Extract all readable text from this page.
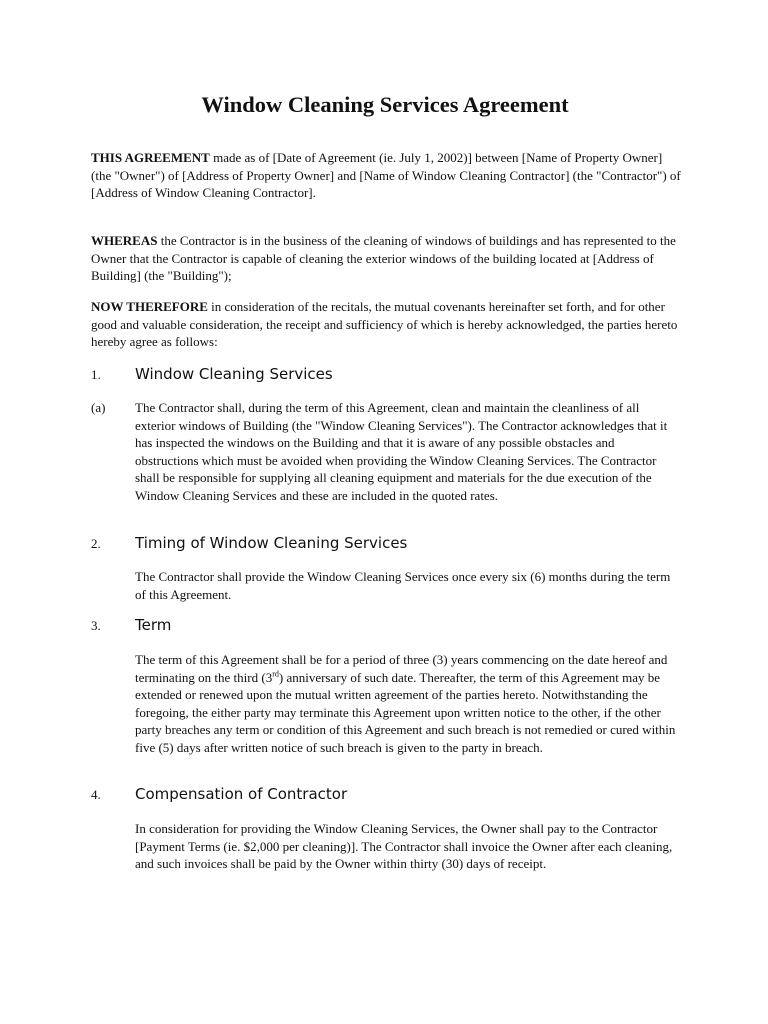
Window Cleaning Services Agreement

THIS AGREEMENT made as of [Date of Agreement (ie. July 1, 2002)] between [Name of Property Owner] (the "Owner") of [Address of Property Owner] and [Name of Window Cleaning Contractor] (the "Contractor") of [Address of Window Cleaning Contractor].

WHEREAS the Contractor is in the business of the cleaning of windows of buildings and has represented to the Owner that the Contractor is capable of cleaning the exterior windows of the building located at [Address of Building] (the "Building");

NOW THEREFORE in consideration of the recitals, the mutual covenants hereinafter set forth, and for other good and valuable consideration, the receipt and sufficiency of which is hereby acknowledged, the parties hereto hereby agree as follows:

1. Window Cleaning Services
(a) The Contractor shall, during the term of this Agreement, clean and maintain the cleanliness of all exterior windows of Building (the "Window Cleaning Services"). The Contractor acknowledges that it has inspected the windows on the Building and that it is aware of any possible obstacles and obstructions which must be avoided when providing the Window Cleaning Services. The Contractor shall be responsible for supplying all cleaning equipment and materials for the due execution of the Window Cleaning Services and these are included in the quoted rates.

2. Timing of Window Cleaning Services

The Contractor shall provide the Window Cleaning Services once every six (6) months during the term of this Agreement.

3. Term

The term of this Agreement shall be for a period of three (3) years commencing on the date hereof and terminating on the third (3rd) anniversary of such date. Thereafter, the term of this Agreement may be extended or renewed upon the mutual written agreement of the parties hereto. Notwithstanding the foregoing, the either party may terminate this Agreement upon written notice to the other, if the other party breaches any term or condition of this Agreement and such breach is not remedied or cured within five (5) days after written notice of such breach is given to the party in breach.

4. Compensation of Contractor

In consideration for providing the Window Cleaning Services, the Owner shall pay to the Contractor [Payment Terms (ie. $2,000 per cleaning)]. The Contractor shall invoice the Owner after each cleaning, and such invoices shall be paid by the Owner within thirty (30) days of receipt.
